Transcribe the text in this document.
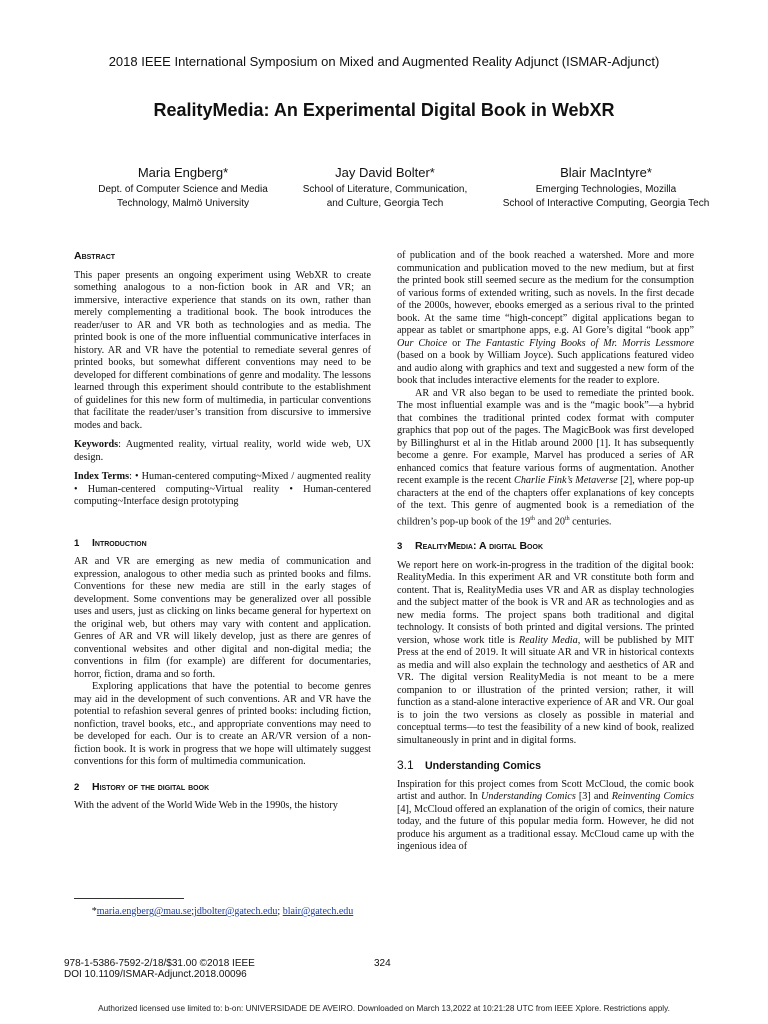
2018 IEEE International Symposium on Mixed and Augmented Reality Adjunct (ISMAR-Adjunct)
RealityMedia: An Experimental Digital Book in WebXR
Maria Engberg*
Dept. of Computer Science and Media
Technology, Malmö University
Jay David Bolter*
School of Literature, Communication,
and Culture, Georgia Tech
Blair MacIntyre*
Emerging Technologies, Mozilla
School of Interactive Computing, Georgia Tech

Abstract

This paper presents an ongoing experiment using WebXR to create something analogous to a non-fiction book in AR and VR; an immersive, interactive experience that stands on its own, rather than merely complementing a traditional book. The book introduces the reader/user to AR and VR both as technologies and as media. The printed book is one of the more influential communicative interfaces in history. AR and VR have the potential to remediate several genres of printed books, but somewhat different conventions may need to be developed for different combinations of genre and modality. The lessons learned through this experiment should contribute to the establishment of guidelines for this new form of multimedia, in particular conventions that facilitate the reader/user’s transition from discursive to immersive modes and back.

Keywords: Augmented reality, virtual reality, world wide web, UX design.

Index Terms: • Human-centered computing~Mixed / augmented reality • Human-centered computing~Virtual reality • Human-centered computing~Interface design prototyping

1 Introduction

AR and VR are emerging as new media of communication and expression, analogous to other media such as printed books and films. Conventions for these new media are still in the early stages of development. Some conventions may be generalized over all possible uses and users, just as clicking on links became general for hypertext on the original web, but others may vary with content and application. Genres of AR and VR will likely develop, just as there are genres of conventional websites and other digital and non-digital media; the conventions in film (for example) are different for documentaries, horror, fiction, drama and so forth.

Exploring applications that have the potential to become genres may aid in the development of such conventions. AR and VR have the potential to refashion several genres of printed books: including fiction, nonfiction, travel books, etc., and appropriate conventions may need to be developed for each. Our is to create an AR/VR version of a non-fiction book. It is work in progress that we hope will ultimately suggest conventions for this form of multimedia communication.

2 History of the digital book

With the advent of the World Wide Web in the 1990s, the history

of publication and of the book reached a watershed. More and more communication and publication moved to the new medium, but at first the printed book still seemed secure as the medium for the consumption of various forms of extended writing, such as novels. In the first decade of the 2000s, however, ebooks emerged as a serious rival to the printed book. At the same time “high-concept” digital applications began to appear as tablet or smartphone apps, e.g. Al Gore’s digital “book app” Our Choice or The Fantastic Flying Books of Mr. Morris Lessmore (based on a book by William Joyce). Such applications featured video and audio along with graphics and text and suggested a new form of the book that includes interactive elements for the reader to explore.

AR and VR also began to be used to remediate the printed book. The most influential example was and is the “magic book”—a hybrid that combines the traditional printed codex format with computer graphics that pop out of the pages. The MagicBook was first developed by Billinghurst et al in the Hitlab around 2000 [1]. It has subsequently become a genre. For example, Marvel has produced a series of AR enhanced comics that feature various forms of augmentation. Another recent example is the recent Charlie Fink’s Metaverse [2], where pop-up characters at the end of the chapters offer explanations of key concepts of the text. This genre of augmented book is a remediation of the children’s pop-up book of the 19th and 20th centuries.

3 RealityMedia: A digital Book

We report here on work-in-progress in the tradition of the digital book: RealityMedia. In this experiment AR and VR constitute both form and content. That is, RealityMedia uses VR and AR as display technologies and the subject matter of the book is VR and AR as technologies and as new media forms. The project spans both traditional and digital technology. It consists of both printed and digital versions. The printed version, whose work title is Reality Media, will be published by MIT Press at the end of 2019. It will situate AR and VR in historical contexts as media and will also explain the technology and aesthetics of AR and VR. The digital version RealityMedia is not meant to be a mere companion to or illustration of the printed version; rather, it will function as a stand-alone interactive experience of AR and VR. Our goal is to join the two versions as closely as possible in material and conceptual terms—to test the feasibility of a new kind of book, realized simultaneously in print and in digital forms.

3.1 Understanding Comics

Inspiration for this project comes from Scott McCloud, the comic book artist and author. In Understanding Comics [3] and Reinventing Comics [4], McCloud offered an explanation of the origin of comics, their nature today, and the future of this popular media form. However, he did not produce his argument as a traditional essay. McCloud came up with the ingenious idea of

*maria.engberg@mau.se;jdbolter@gatech.edu; blair@gatech.edu
978-1-5386-7592-2/18/$31.00 ©2018 IEEE
DOI 10.1109/ISMAR-Adjunct.2018.00096
324
Authorized licensed use limited to: b-on: UNIVERSIDADE DE AVEIRO. Downloaded on March 13,2022 at 10:21:28 UTC from IEEE Xplore. Restrictions apply.
